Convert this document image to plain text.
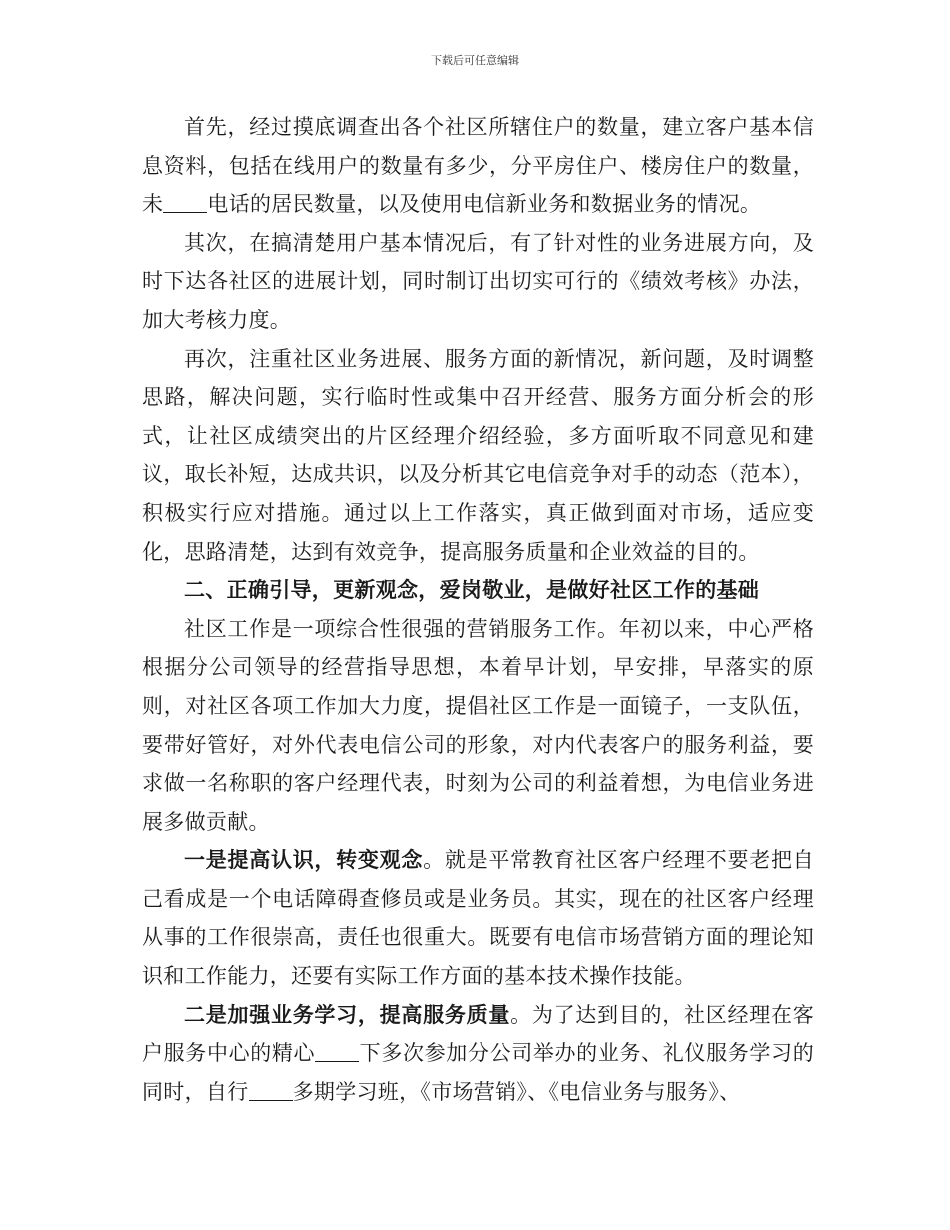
下载后可任意编辑

首先，经过摸底调查出各个社区所辖住户的数量，建立客户基本信息资料，包括在线用户的数量有多少，分平房住户、楼房住户的数量，未 电话的居民数量，以及使用电信新业务和数据业务的情况。

其次，在搞清楚用户基本情况后，有了针对性的业务进展方向，及时下达各社区的进展计划，同时制订出切实可行的《绩效考核》办法，加大考核力度。

再次，注重社区业务进展、服务方面的新情况，新问题，及时调整思路，解决问题，实行临时性或集中召开经营、服务方面分析会的形式，让社区成绩突出的片区经理介绍经验，多方面听取不同意见和建议，取长补短，达成共识，以及分析其它电信竞争对手的动态（范本），积极实行应对措施。通过以上工作落实，真正做到面对市场，适应变化，思路清楚，达到有效竞争，提高服务质量和企业效益的目的。

二、正确引导，更新观念，爱岗敬业，是做好社区工作的基础

社区工作是一项综合性很强的营销服务工作。年初以来，中心严格根据分公司领导的经营指导思想，本着早计划，早安排，早落实的原则，对社区各项工作加大力度，提倡社区工作是一面镜子，一支队伍，要带好管好，对外代表电信公司的形象，对内代表客户的服务利益，要求做一名称职的客户经理代表，时刻为公司的利益着想，为电信业务进展多做贡献。

一是提高认识，转变观念。就是平常教育社区客户经理不要老把自己看成是一个电话障碍查修员或是业务员。其实，现在的社区客户经理从事的工作很崇高，责任也很重大。既要有电信市场营销方面的理论知识和工作能力，还要有实际工作方面的基本技术操作技能。

二是加强业务学习，提高服务质量。为了达到目的，社区经理在客户服务中心的精心 下多次参加分公司举办的业务、礼仪服务学习的同时，自行 多期学习班，《市场营销》、《电信业务与服务》、
